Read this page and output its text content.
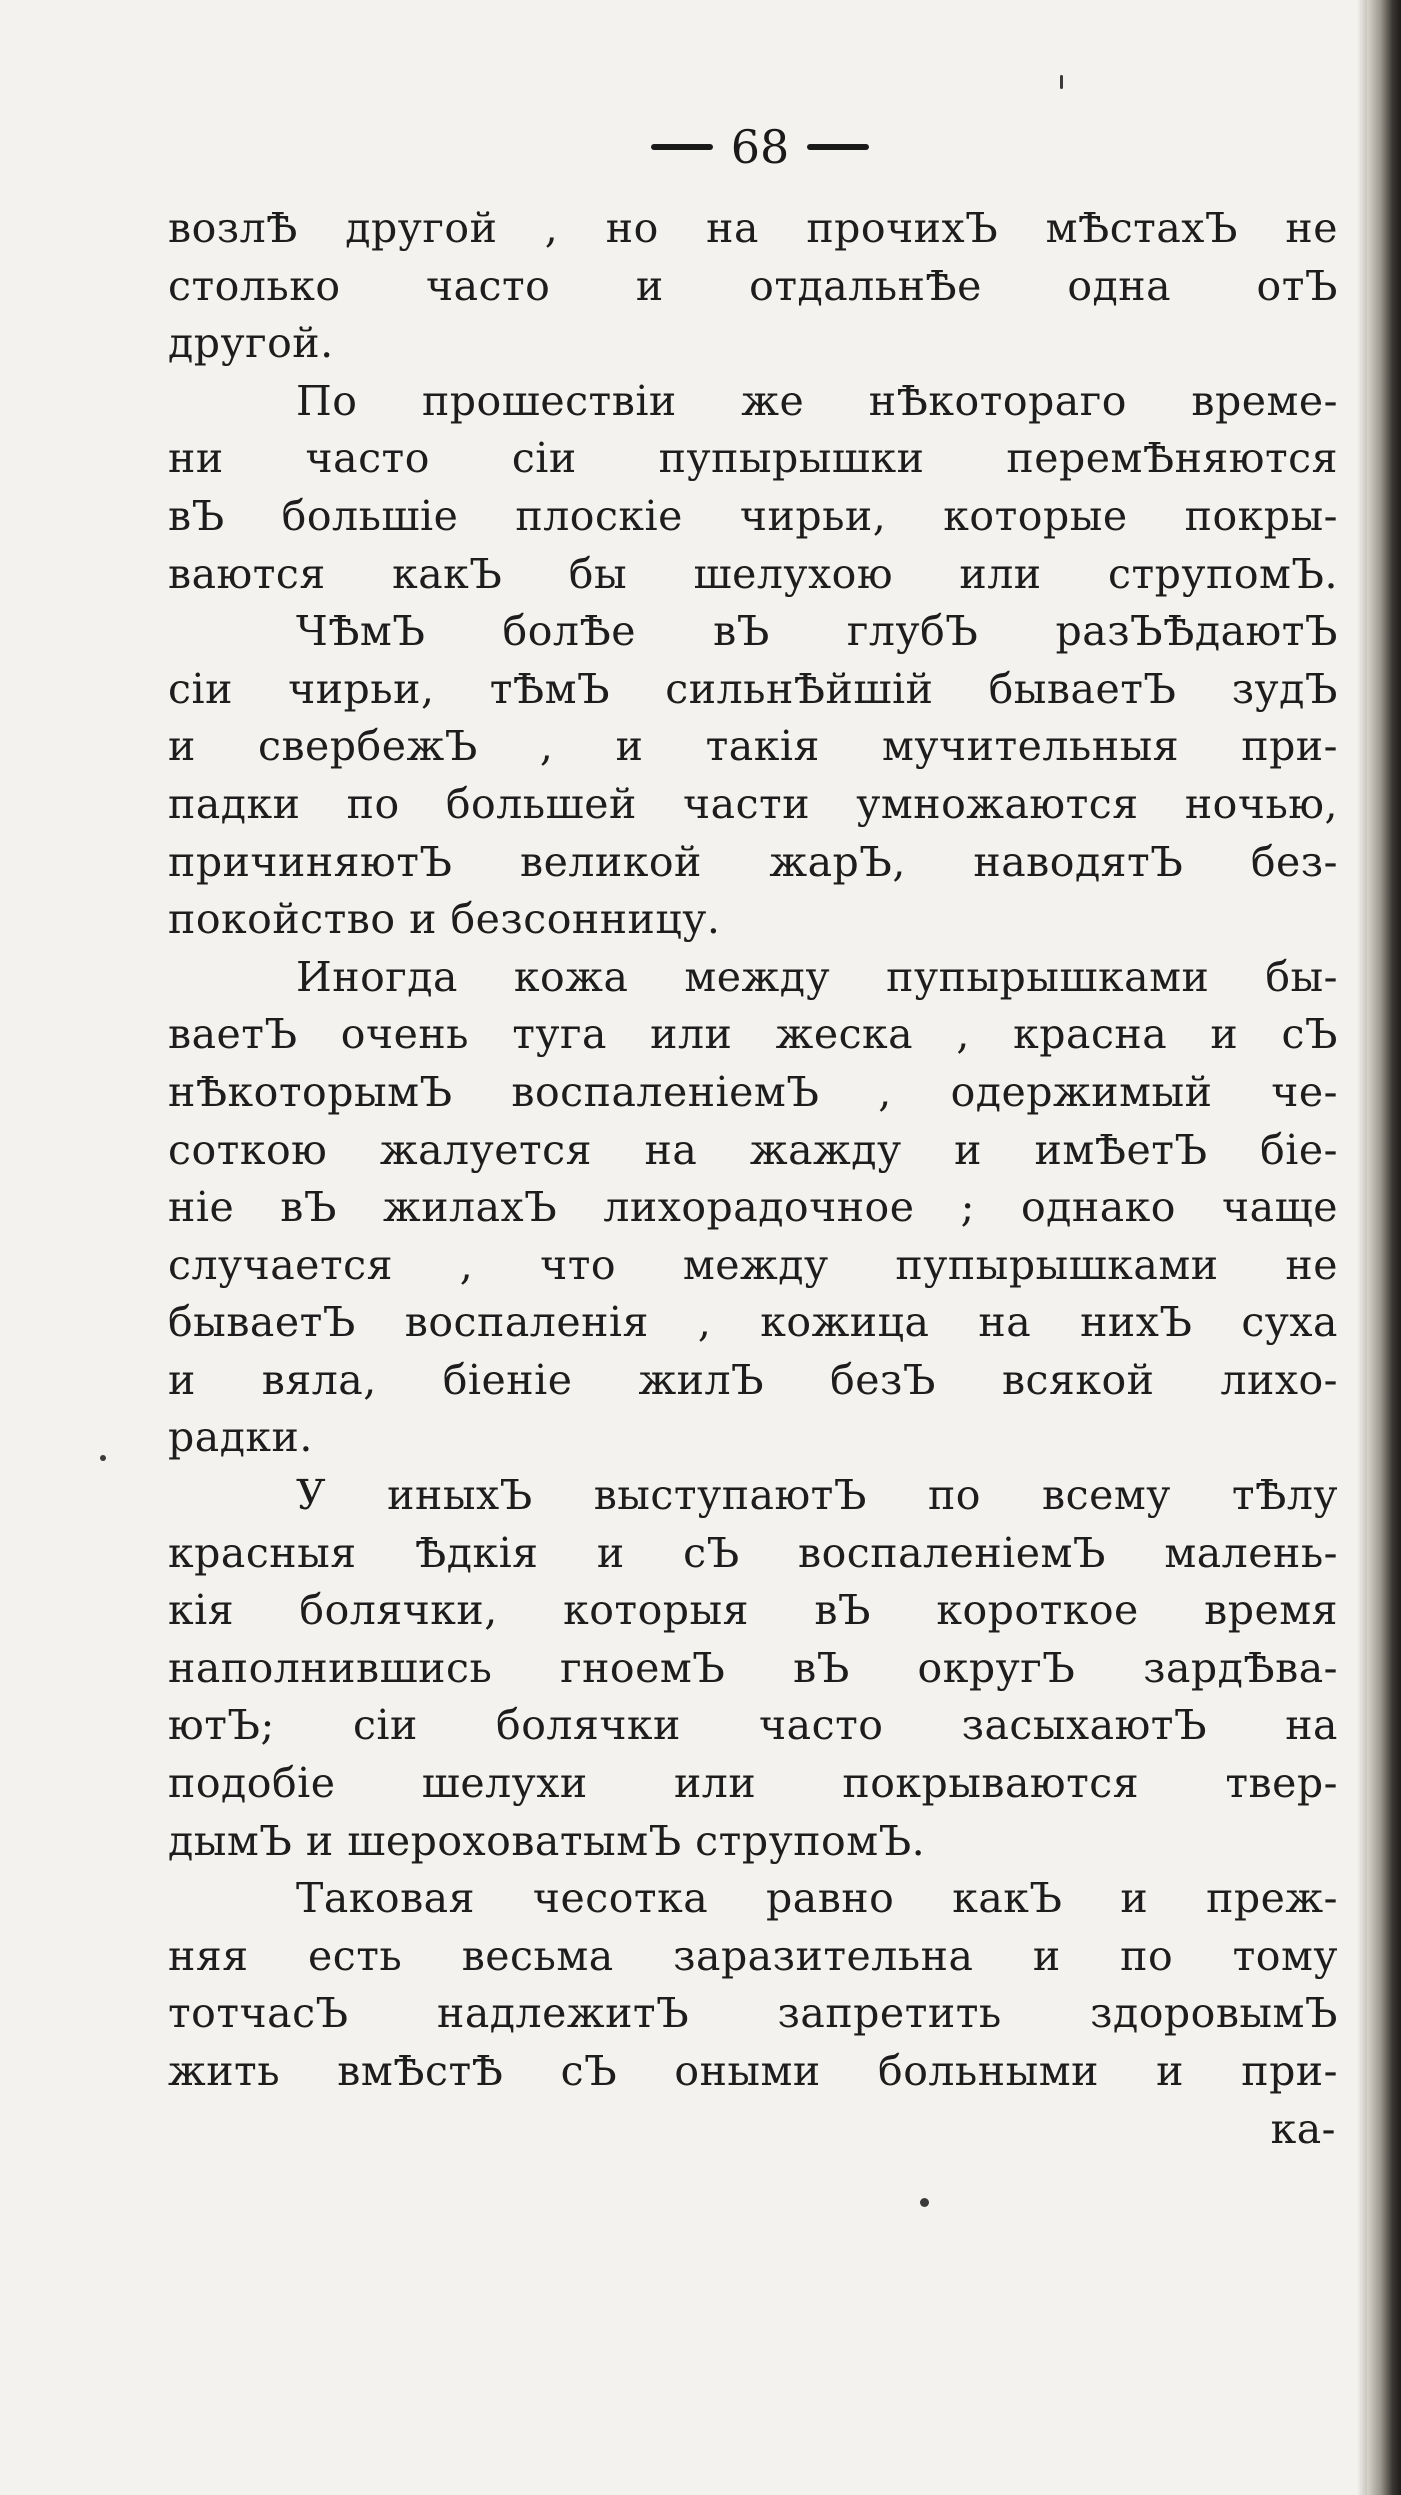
68
возлѢ другой , но на прочихЪ мѢстахЪ не
столько часто и отдальнѢе одна отЪ
другой.
По прошествіи же нѢкотораго време-
ни часто сіи пупырышки перемѢняются
вЪ большіе плоскіе чирьи, которые покры-
ваются какЪ бы шелухою или струпомЪ.
ЧѢмЪ болѢе вЪ глубЪ разЪѢдаютЪ
сіи чирьи, тѢмЪ сильнѢйшій бываетЪ зудЪ
и свербежЪ , и такія мучительныя при-
падки по большей части умножаются ночью,
причиняютЪ великой жарЪ, наводятЪ без-
покойство и безсонницу.
Иногда кожа между пупырышками бы-
ваетЪ очень туга или жеска , красна и сЪ
нѢкоторымЪ воспаленіемЪ , одержимый че-
соткою жалуется на жажду и имѢетЪ біе-
ніе вЪ жилахЪ лихорадочное ; однако чаще
случается , что между пупырышками не
бываетЪ воспаленія , кожица на нихЪ суха
и вяла, біеніе жилЪ безЪ всякой лихо-
радки.
У иныхЪ выступаютЪ по всему тѢлу
красныя Ѣдкія и сЪ воспаленіемЪ малень-
кія болячки, которыя вЪ короткое время
наполнившись гноемЪ вЪ округЪ зардѢва-
ютЪ; сіи болячки часто засыхаютЪ на
подобіе шелухи или покрываются твер-
дымЪ и шероховатымЪ струпомЪ.
Таковая чесотка равно какЪ и преж-
няя есть весьма заразительна и по тому
тотчасЪ надлежитЪ запретить здоровымЪ
жить вмѢстѢ сЪ оными больными и при-
ка-
